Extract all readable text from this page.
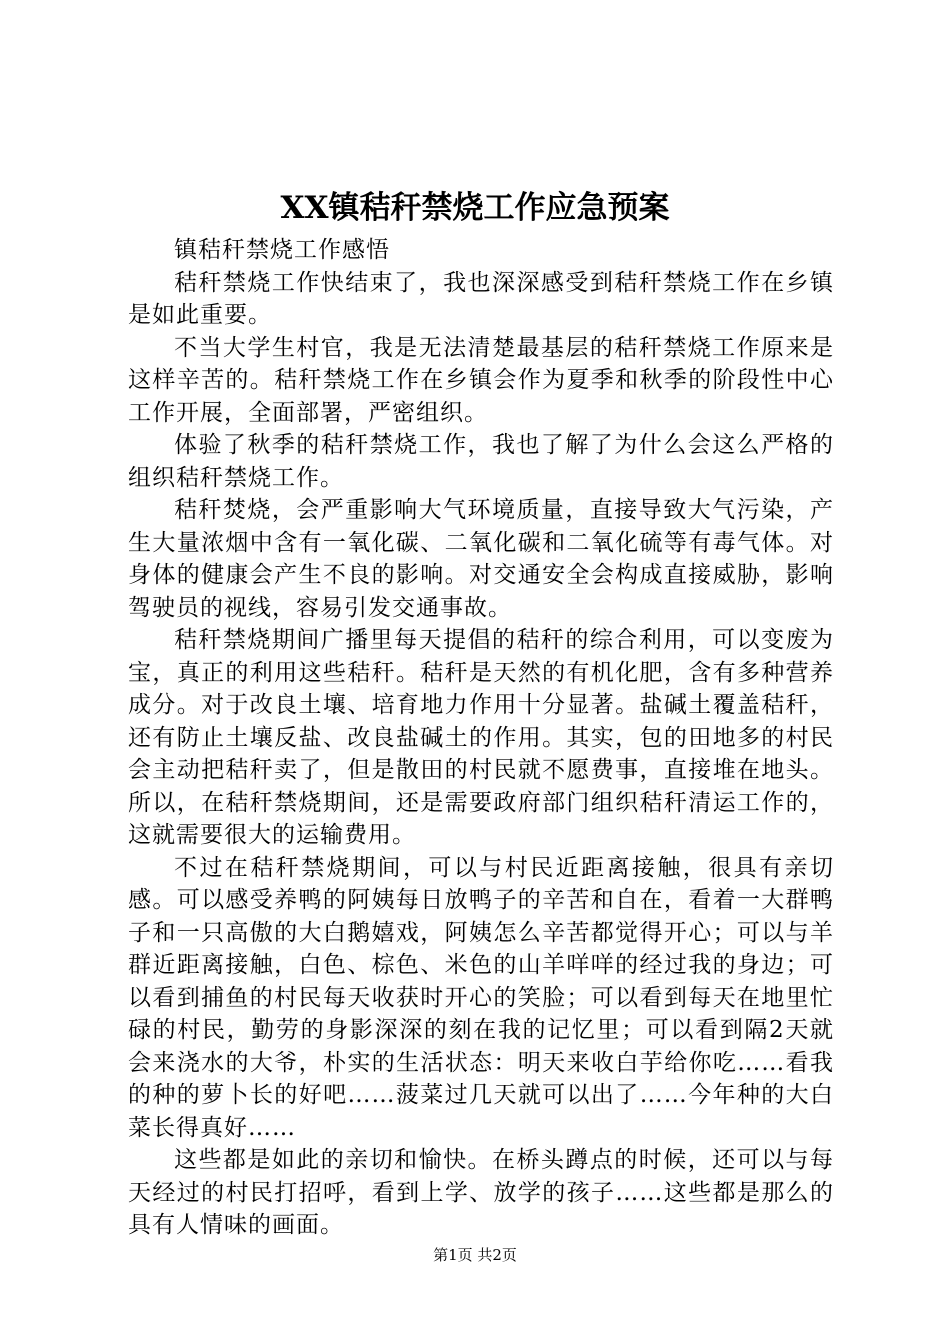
XX镇秸秆禁烧工作应急预案

镇秸秆禁烧工作感悟

秸秆禁烧工作快结束了，我也深深感受到秸秆禁烧工作在乡镇是如此重要。

不当大学生村官，我是无法清楚最基层的秸秆禁烧工作原来是这样辛苦的。秸秆禁烧工作在乡镇会作为夏季和秋季的阶段性中心工作开展，全面部署，严密组织。

体验了秋季的秸秆禁烧工作，我也了解了为什么会这么严格的组织秸秆禁烧工作。

秸秆焚烧，会严重影响大气环境质量，直接导致大气污染，产生大量浓烟中含有一氧化碳、二氧化碳和二氧化硫等有毒气体。对身体的健康会产生不良的影响。对交通安全会构成直接威胁，影响驾驶员的视线，容易引发交通事故。

秸秆禁烧期间广播里每天提倡的秸秆的综合利用，可以变废为宝，真正的利用这些秸秆。秸秆是天然的有机化肥，含有多种营养成分。对于改良土壤、培育地力作用十分显著。盐碱土覆盖秸秆，还有防止土壤反盐、改良盐碱土的作用。其实，包的田地多的村民会主动把秸秆卖了，但是散田的村民就不愿费事，直接堆在地头。所以，在秸秆禁烧期间，还是需要政府部门组织秸秆清运工作的，这就需要很大的运输费用。

不过在秸秆禁烧期间，可以与村民近距离接触，很具有亲切感。可以感受养鸭的阿姨每日放鸭子的辛苦和自在，看着一大群鸭子和一只高傲的大白鹅嬉戏，阿姨怎么辛苦都觉得开心；可以与羊群近距离接触，白色、棕色、米色的山羊咩咩的经过我的身边；可以看到捕鱼的村民每天收获时开心的笑脸；可以看到每天在地里忙碌的村民，勤劳的身影深深的刻在我的记忆里；可以看到隔2天就会来浇水的大爷，朴实的生活状态：明天来收白芋给你吃……看我的种的萝卜长的好吧……菠菜过几天就可以出了……今年种的大白菜长得真好……

这些都是如此的亲切和愉快。在桥头蹲点的时候，还可以与每天经过的村民打招呼，看到上学、放学的孩子……这些都是那么的具有人情味的画面。

第1页 共2页
